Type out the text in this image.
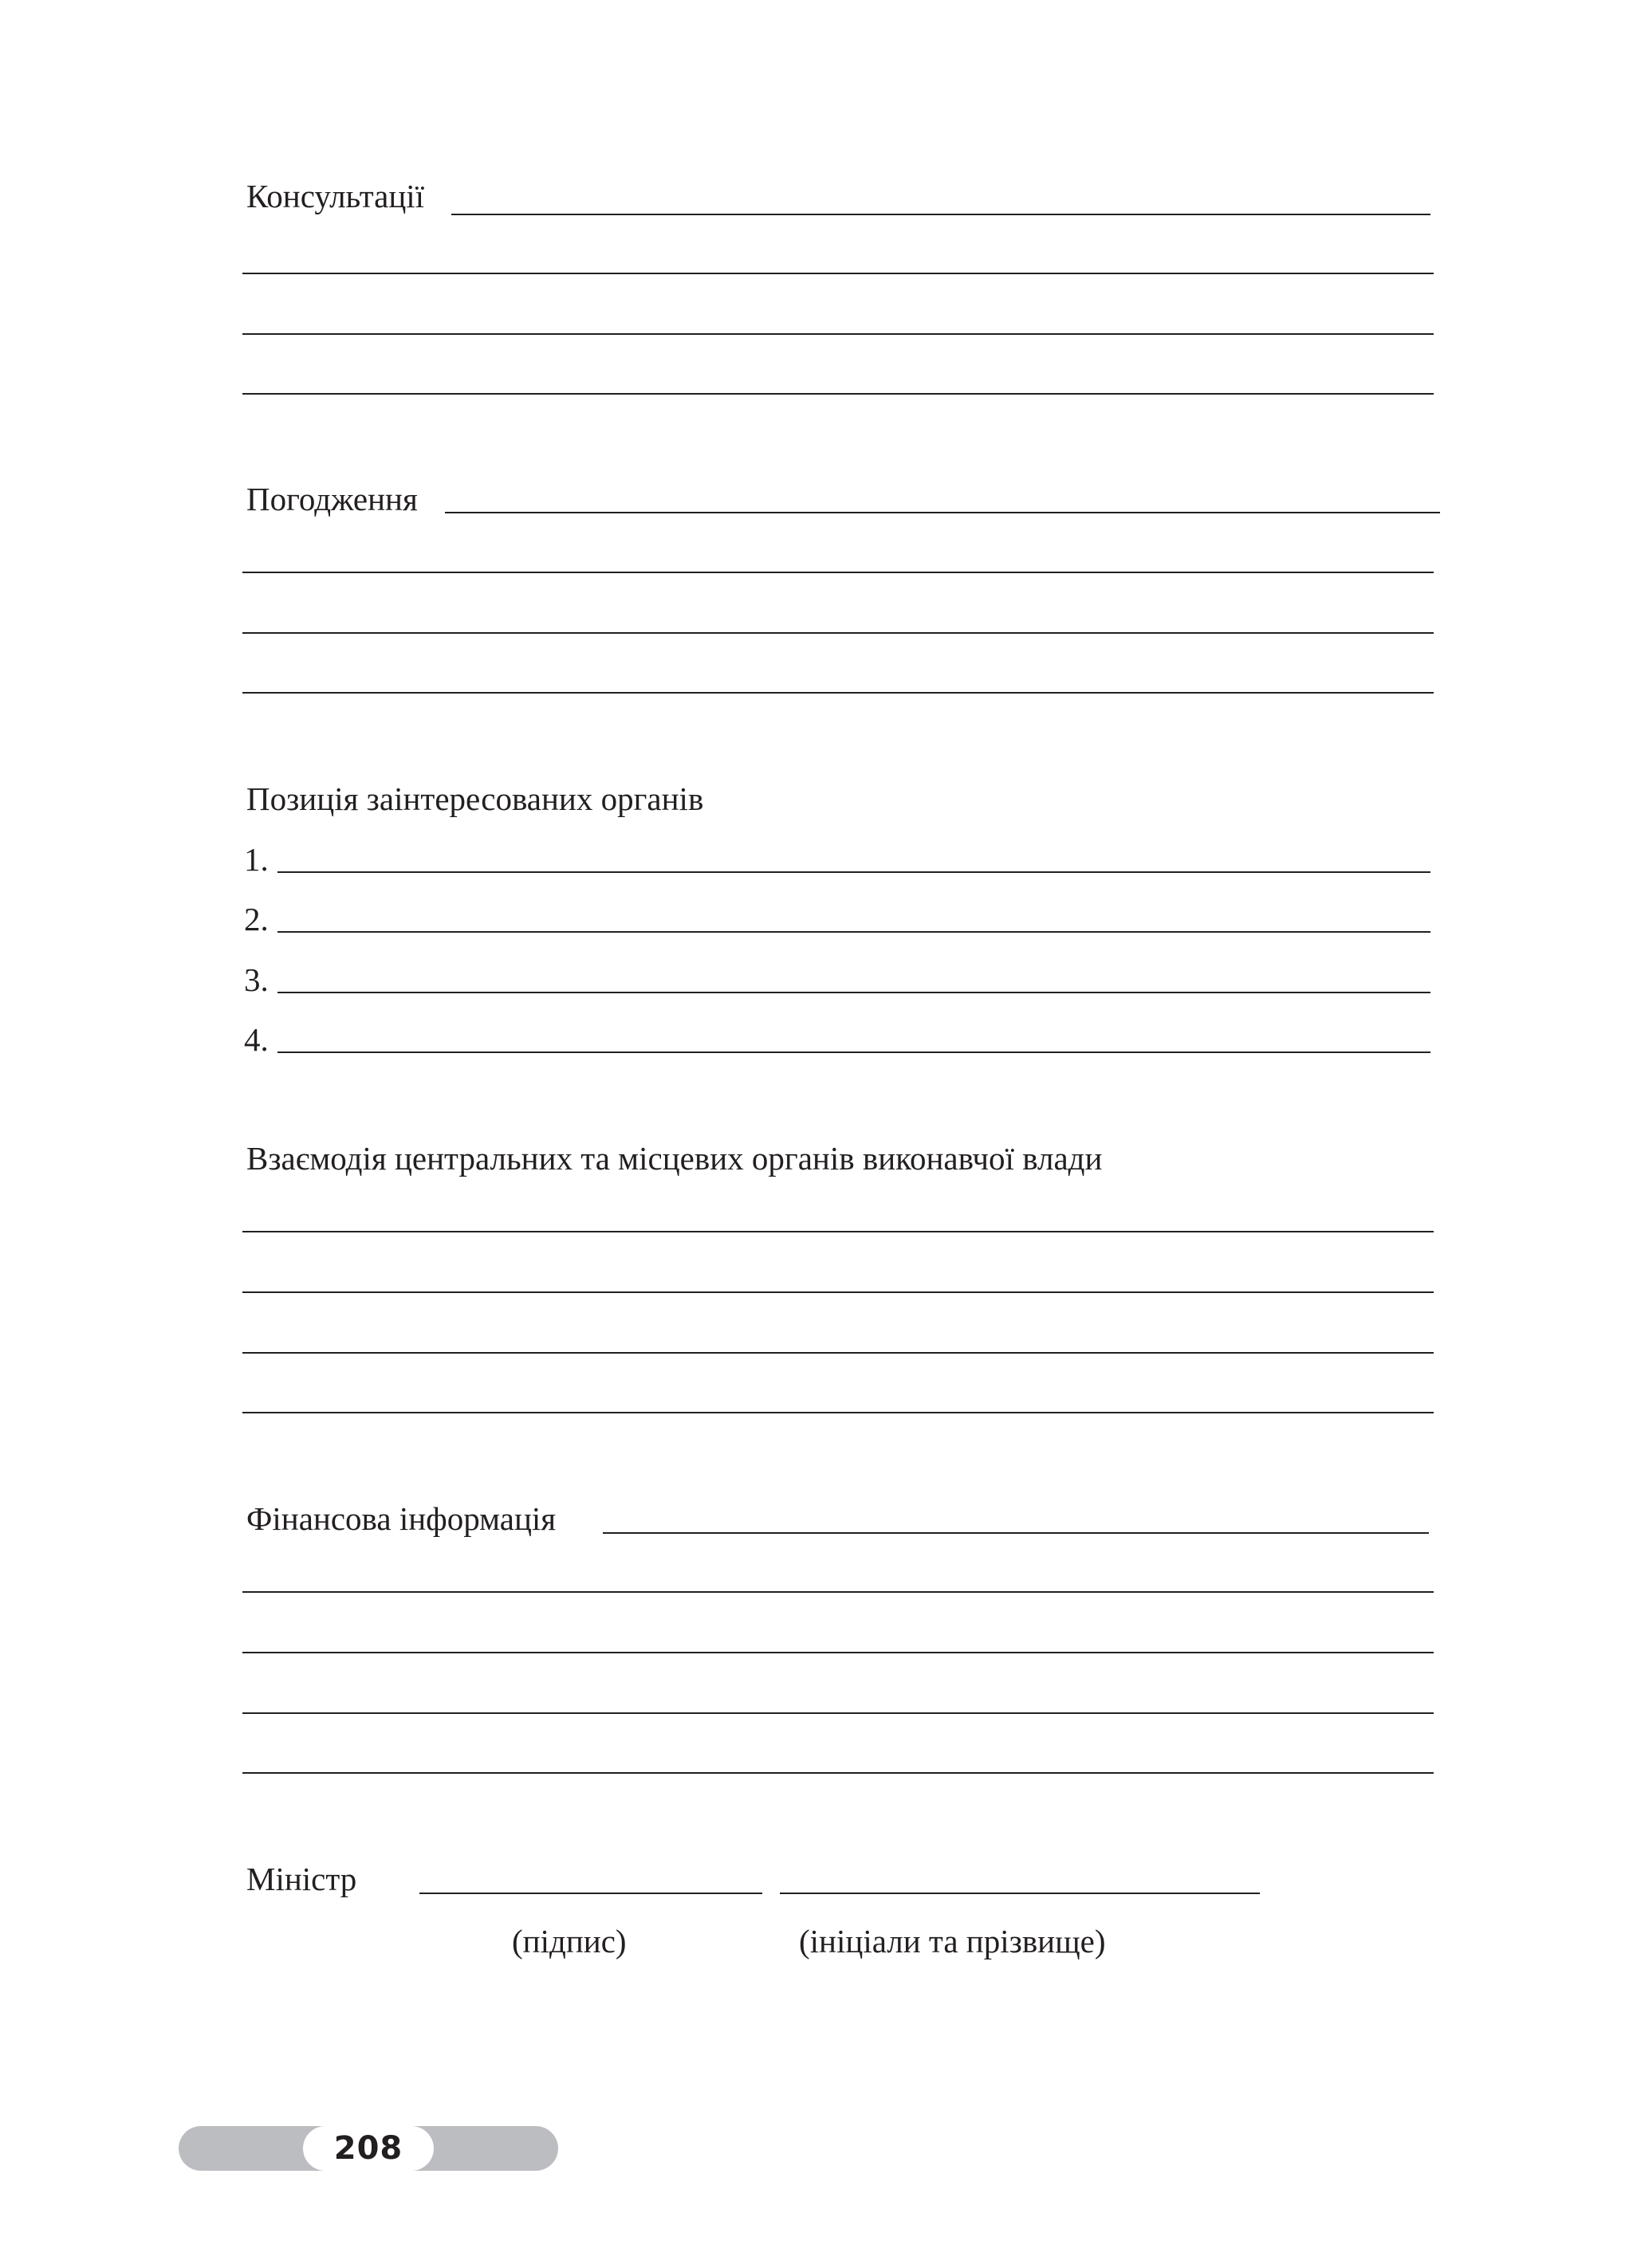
Консультації
Погодження
Позиція заінтересованих органів
1.
2.
3.
4.
Взаємодія центральних та місцевих органів виконавчої влади
Фінансова інформація
Міністр
(підпис)	(ініціали та прізвище)
208
